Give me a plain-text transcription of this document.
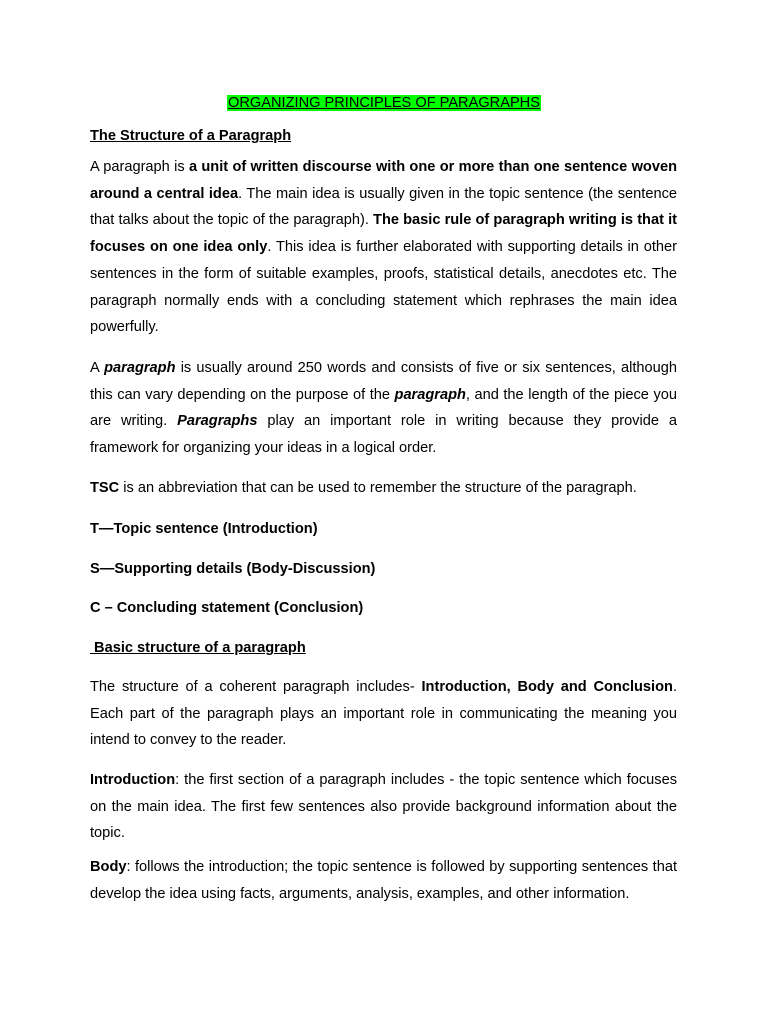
ORGANIZING PRINCIPLES OF PARAGRAPHS
The Structure of a Paragraph
A paragraph is a unit of written discourse with one or more than one sentence woven around a central idea. The main idea is usually given in the topic sentence (the sentence that talks about the topic of the paragraph). The basic rule of paragraph writing is that it focuses on one idea only. This idea is further elaborated with supporting details in other sentences in the form of suitable examples, proofs, statistical details, anecdotes etc. The paragraph normally ends with a concluding statement which rephrases the main idea powerfully.
A paragraph is usually around 250 words and consists of five or six sentences, although this can vary depending on the purpose of the paragraph, and the length of the piece you are writing. Paragraphs play an important role in writing because they provide a framework for organizing your ideas in a logical order.
TSC is an abbreviation that can be used to remember the structure of the paragraph.
T—Topic sentence (Introduction)
S—Supporting details (Body-Discussion)
C – Concluding statement (Conclusion)
Basic structure of a paragraph
The structure of a coherent paragraph includes- Introduction, Body and Conclusion. Each part of the paragraph plays an important role in communicating the meaning you intend to convey to the reader.
Introduction: the first section of a paragraph includes - the topic sentence which focuses on the main idea. The first few sentences also provide background information about the topic.
Body: follows the introduction; the topic sentence is followed by supporting sentences that develop the idea using facts, arguments, analysis, examples, and other information.
